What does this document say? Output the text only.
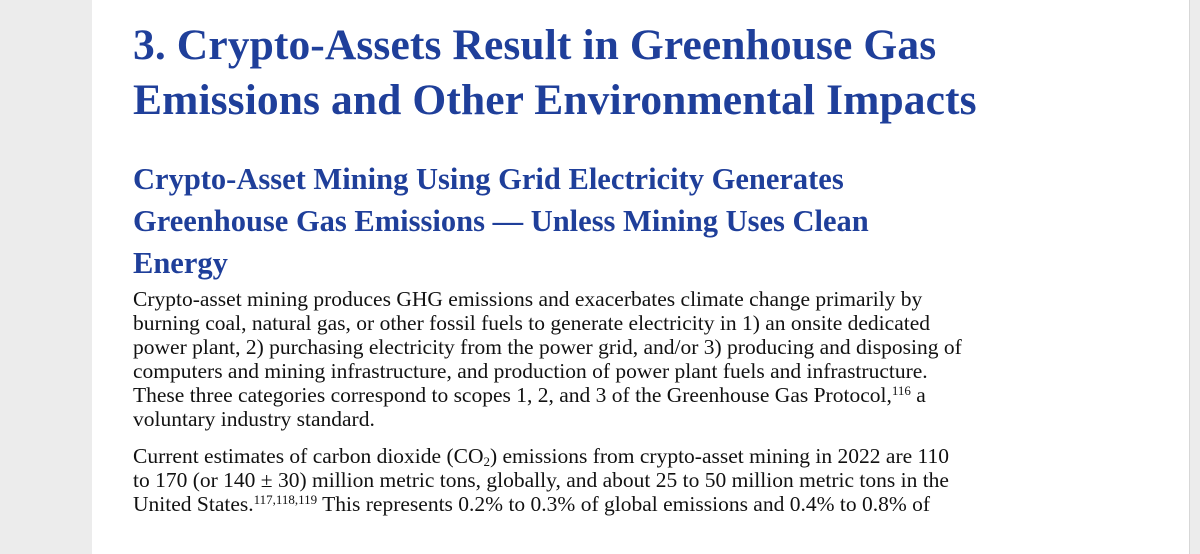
3. Crypto-Assets Result in Greenhouse Gas
Emissions and Other Environmental Impacts
Crypto-Asset Mining Using Grid Electricity Generates
Greenhouse Gas Emissions — Unless Mining Uses Clean
Energy

Crypto-asset mining produces GHG emissions and exacerbates climate change primarily by
burning coal, natural gas, or other fossil fuels to generate electricity in 1) an onsite dedicated
power plant, 2) purchasing electricity from the power grid, and/or 3) producing and disposing of
computers and mining infrastructure, and production of power plant fuels and infrastructure.
These three categories correspond to scopes 1, 2, and 3 of the Greenhouse Gas Protocol,$^{116}$ a
voluntary industry standard.

Current estimates of carbon dioxide $(CO_2)$ emissions from crypto-asset mining in 2022 are 110
to 170 (or 140 ± 30) million metric tons, globally, and about 25 to 50 million metric tons in the
United States.$^{117,118,119}$ This represents 0.2% to 0.3% of global emissions and 0.4% to 0.8% of
